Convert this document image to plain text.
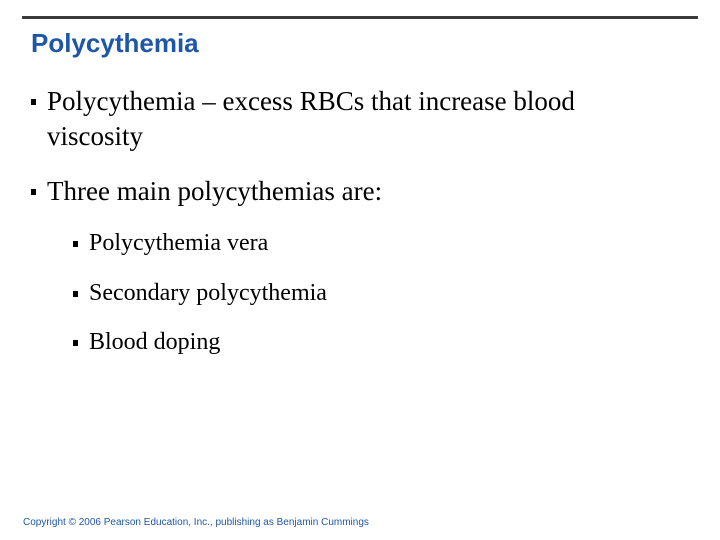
Polycythemia
Polycythemia – excess RBCs that increase blood viscosity
Three main polycythemias are:
Polycythemia vera
Secondary polycythemia
Blood doping
Copyright © 2006 Pearson Education, Inc., publishing as Benjamin Cummings
